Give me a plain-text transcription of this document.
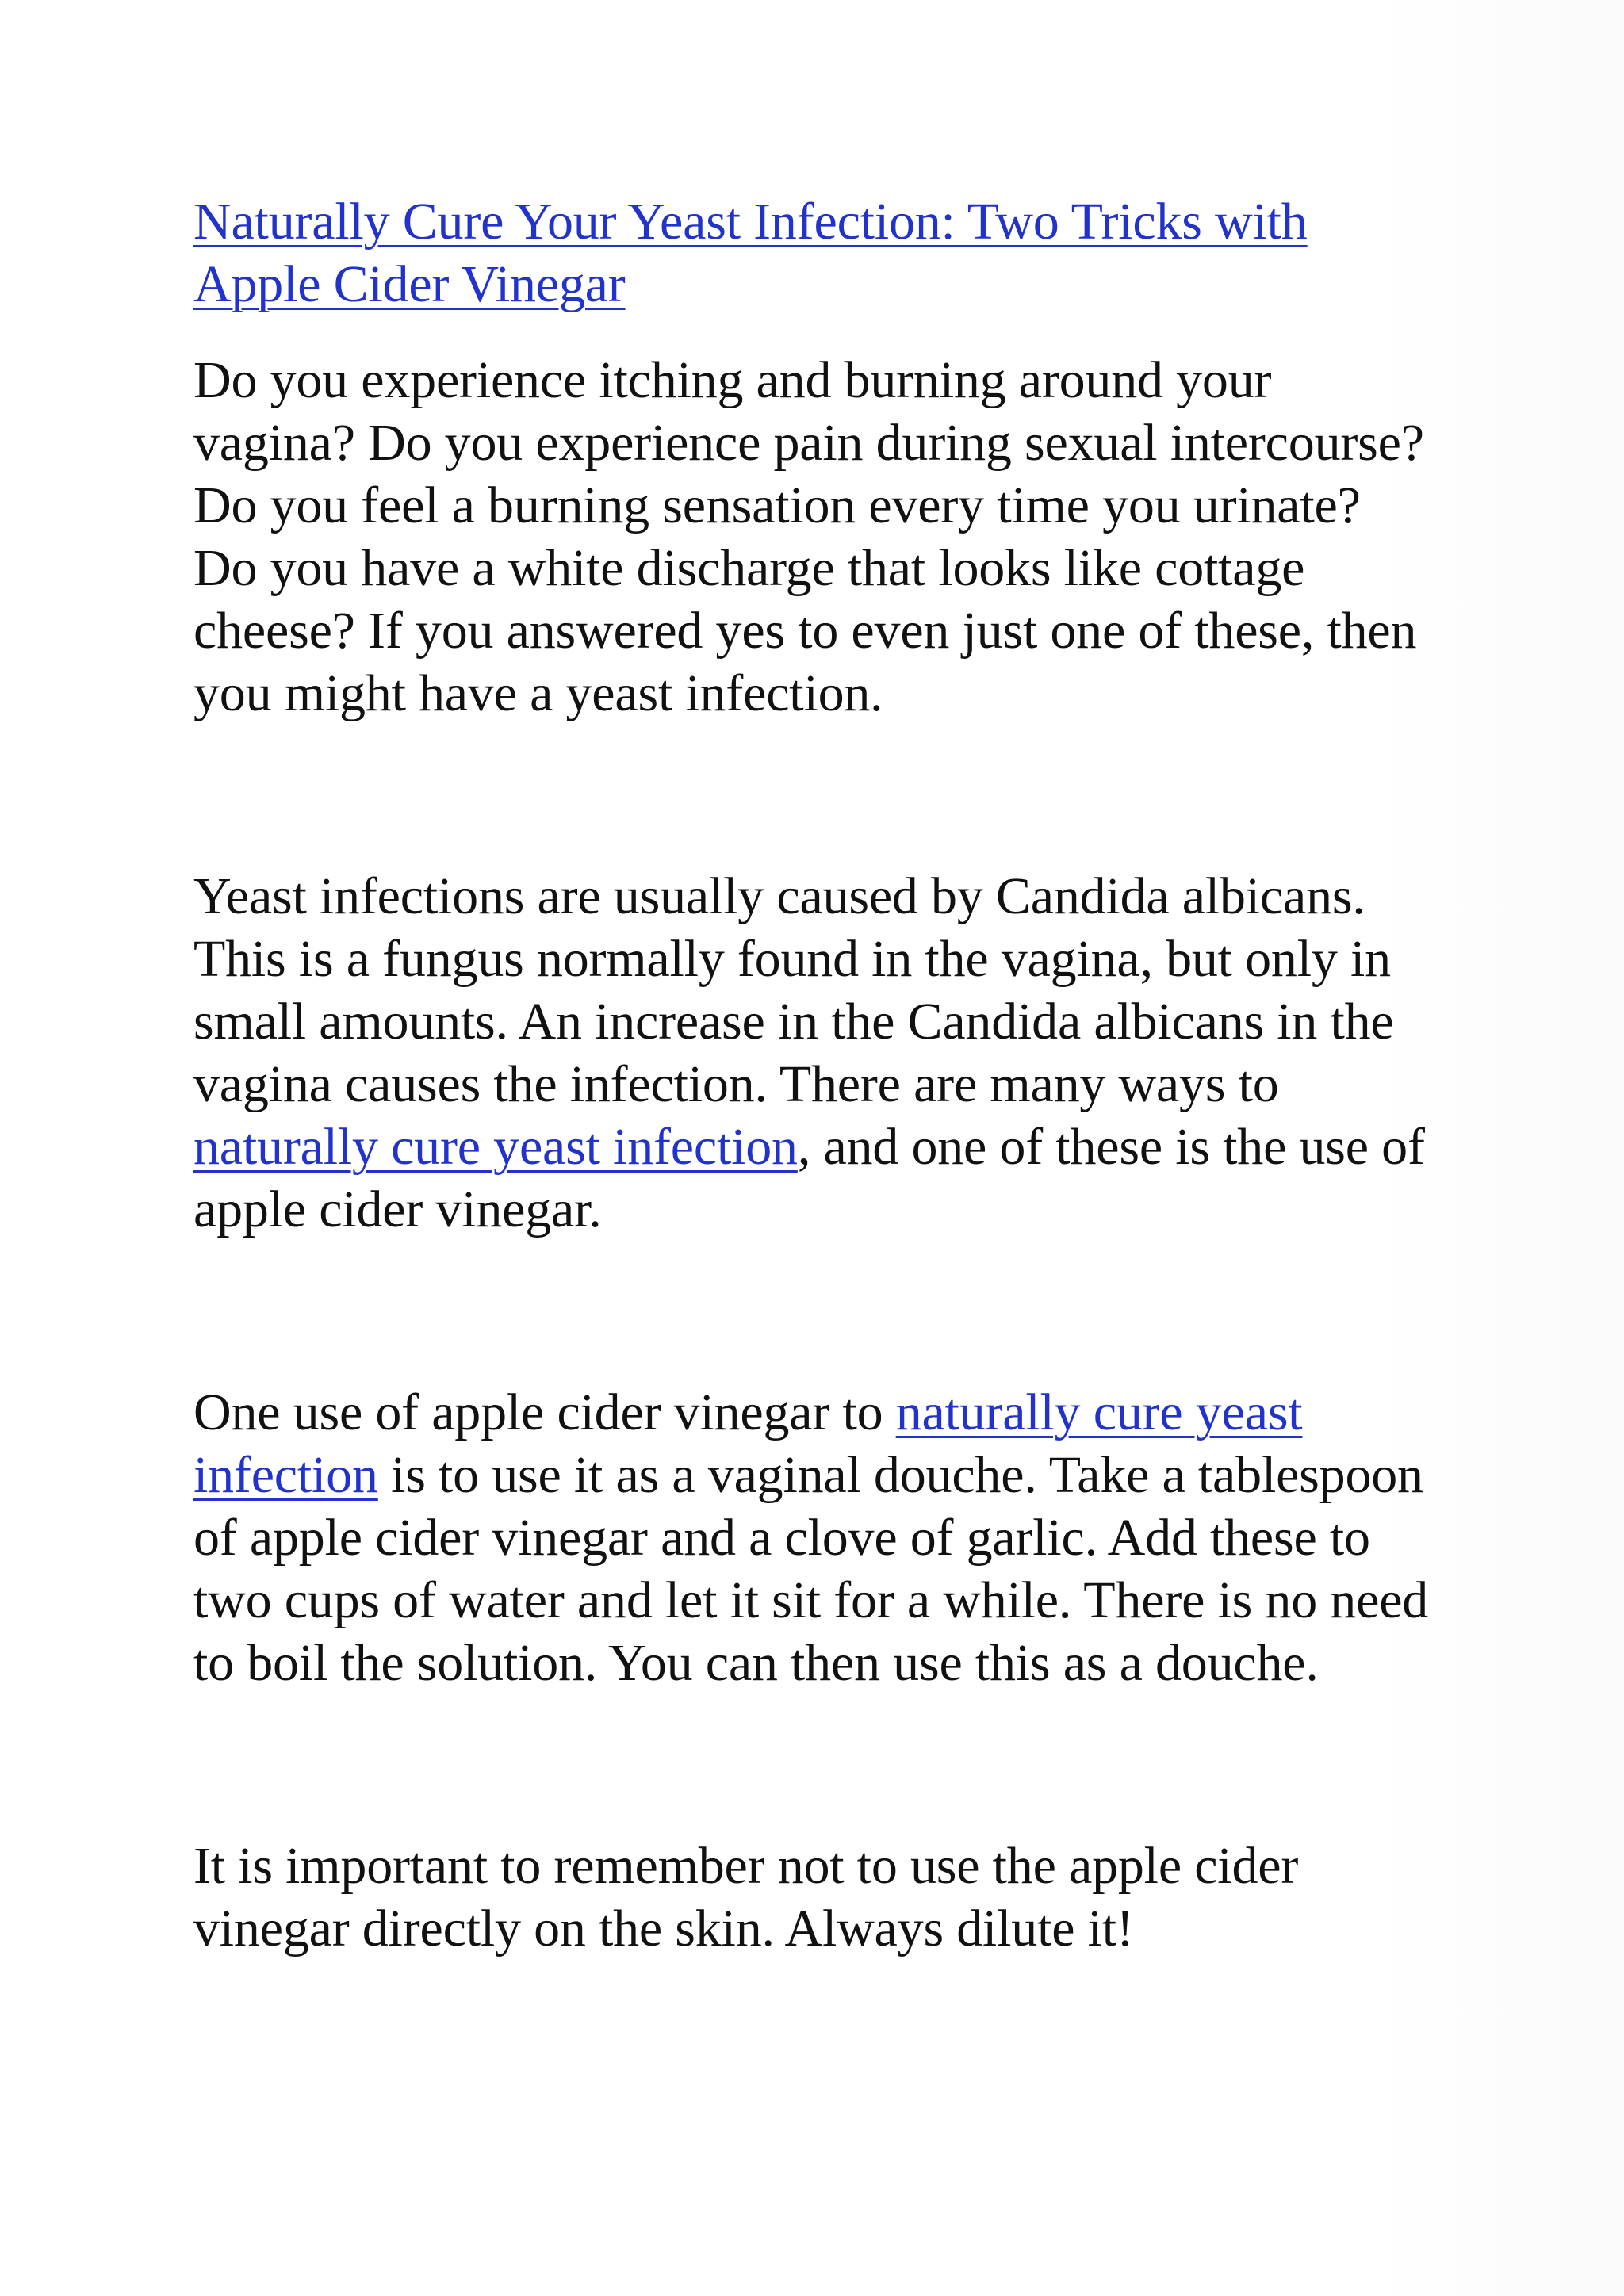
Naturally Cure Your Yeast Infection: Two Tricks with Apple Cider Vinegar

Do you experience itching and burning around your vagina? Do you experience pain during sexual intercourse? Do you feel a burning sensation every time you urinate? Do you have a white discharge that looks like cottage cheese? If you answered yes to even just one of these, then you might have a yeast infection.

Yeast infections are usually caused by Candida albicans. This is a fungus normally found in the vagina, but only in small amounts. An increase in the Candida albicans in the vagina causes the infection. There are many ways to naturally cure yeast infection, and one of these is the use of apple cider vinegar.

One use of apple cider vinegar to naturally cure yeast infection is to use it as a vaginal douche. Take a tablespoon of apple cider vinegar and a clove of garlic. Add these to two cups of water and let it sit for a while. There is no need to boil the solution. You can then use this as a douche.

It is important to remember not to use the apple cider vinegar directly on the skin. Always dilute it!
